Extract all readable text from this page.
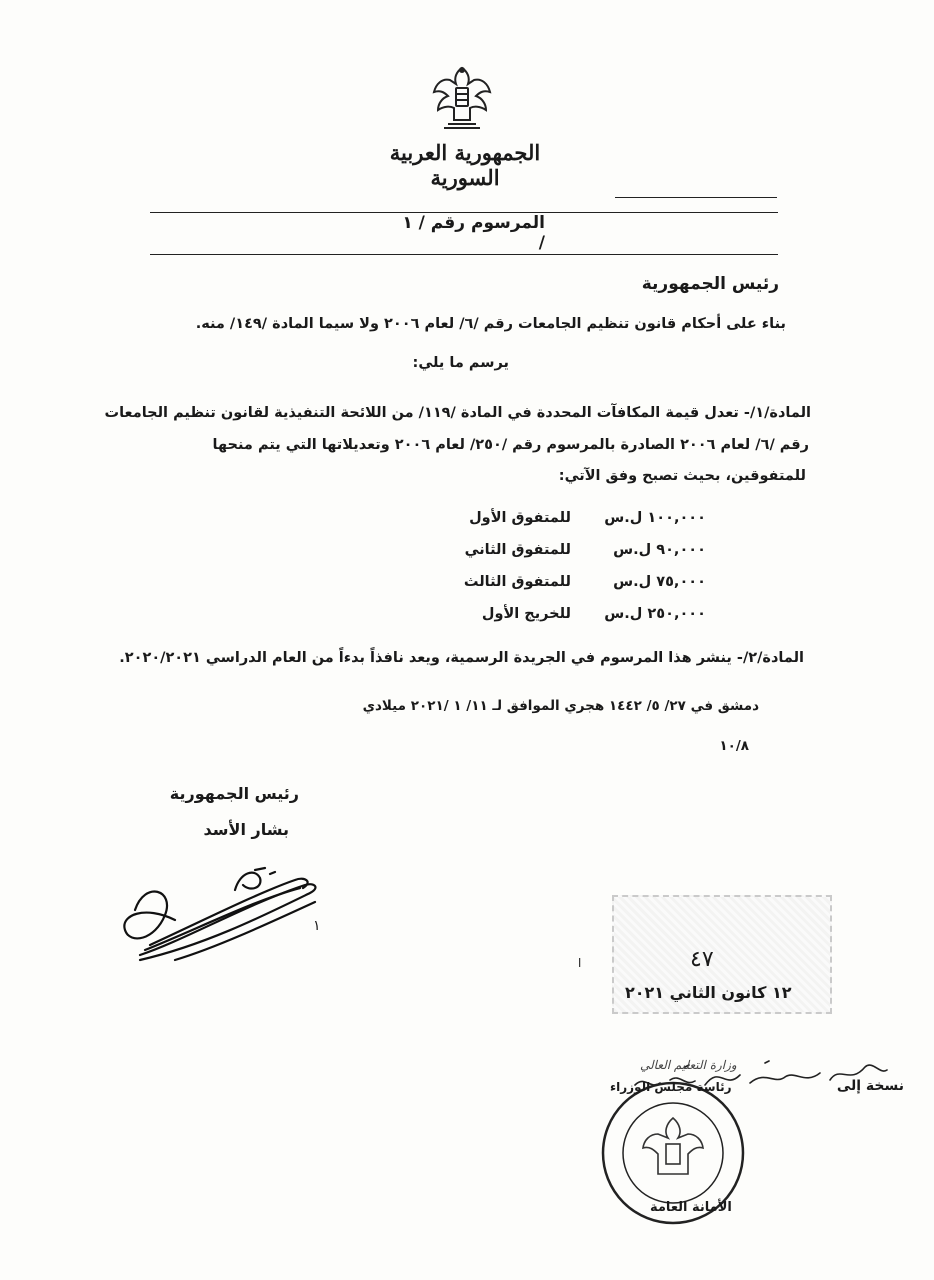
الجمهورية العربية السورية
المرسوم رقم / ١ /
رئيس الجمهورية
بناء على أحكام قانون تنظيم الجامعات رقم /٦/ لعام ٢٠٠٦ ولا سيما المادة /١٤٩/ منه.
يرسم ما يلي:
المادة/١/- تعدل قيمة المكافآت المحددة في المادة /١١٩/ من اللائحة التنفيذية لقانون تنظيم الجامعات
رقم /٦/ لعام ٢٠٠٦ الصادرة بالمرسوم رقم /٢٥٠/ لعام ٢٠٠٦ وتعديلاتها التي يتم منحها
للمتفوقين، بحيث تصبح وفق الآتي:
١٠٠,٠٠٠ ل.س
للمتفوق الأول
٩٠,٠٠٠ ل.س
للمتفوق الثاني
٧٥,٠٠٠ ل.س
للمتفوق الثالث
٢٥٠,٠٠٠ ل.س
للخريج الأول
المادة/٢/- ينشر هذا المرسوم في الجريدة الرسمية، ويعد نافذاً بدءاً من العام الدراسي ٢٠٢٠/٢٠٢١.
دمشق في ٢٧/ ٥/ ١٤٤٢ هجري الموافق لـ ١١/ ١ /٢٠٢١ ميلادي
١٠/٨
رئيس الجمهورية
بشار الأسد
١
٤٧
١٢ كانون الثاني ٢٠٢١
ا
نسخة إلى
رئاسة مجلس الوزراء
الأمانة العامة
وزارة التعليم العالي
